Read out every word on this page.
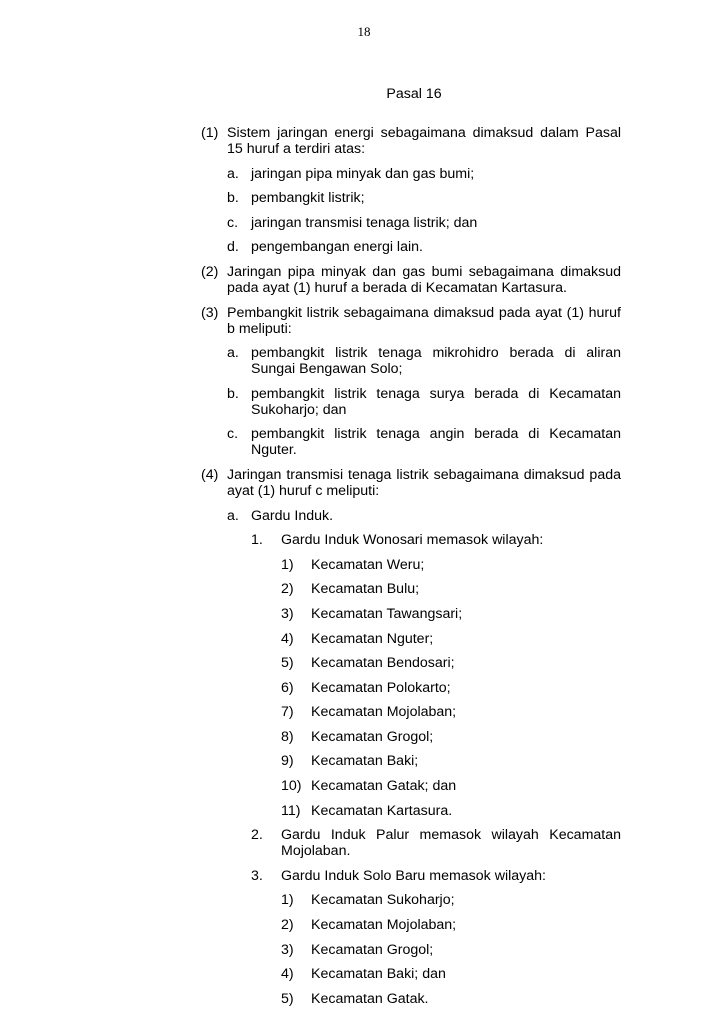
18
Pasal 16
(1) Sistem jaringan energi sebagaimana dimaksud dalam Pasal 15 huruf a terdiri atas:
a. jaringan pipa minyak dan gas bumi;
b. pembangkit listrik;
c. jaringan transmisi tenaga listrik; dan
d. pengembangan energi lain.
(2) Jaringan pipa minyak dan gas bumi sebagaimana dimaksud pada ayat (1) huruf a berada di Kecamatan Kartasura.
(3) Pembangkit listrik sebagaimana dimaksud pada ayat (1) huruf b meliputi:
a. pembangkit listrik tenaga mikrohidro berada di aliran Sungai Bengawan Solo;
b. pembangkit listrik tenaga surya berada di Kecamatan Sukoharjo; dan
c. pembangkit listrik tenaga angin berada di Kecamatan Nguter.
(4) Jaringan transmisi tenaga listrik sebagaimana dimaksud pada ayat (1) huruf c meliputi:
a. Gardu Induk.
1.	Gardu Induk Wonosari memasok wilayah:
1)	Kecamatan Weru;
2)	Kecamatan Bulu;
3)	Kecamatan Tawangsari;
4)	Kecamatan Nguter;
5)	Kecamatan Bendosari;
6)	Kecamatan Polokarto;
7)	Kecamatan Mojolaban;
8)	Kecamatan Grogol;
9)	Kecamatan Baki;
10) Kecamatan Gatak; dan
11) Kecamatan Kartasura.
2.	Gardu Induk Palur memasok wilayah Kecamatan Mojolaban.
3.	Gardu Induk Solo Baru memasok wilayah:
1)	Kecamatan Sukoharjo;
2)	Kecamatan Mojolaban;
3)	Kecamatan Grogol;
4)	Kecamatan Baki; dan
5)	Kecamatan Gatak.
